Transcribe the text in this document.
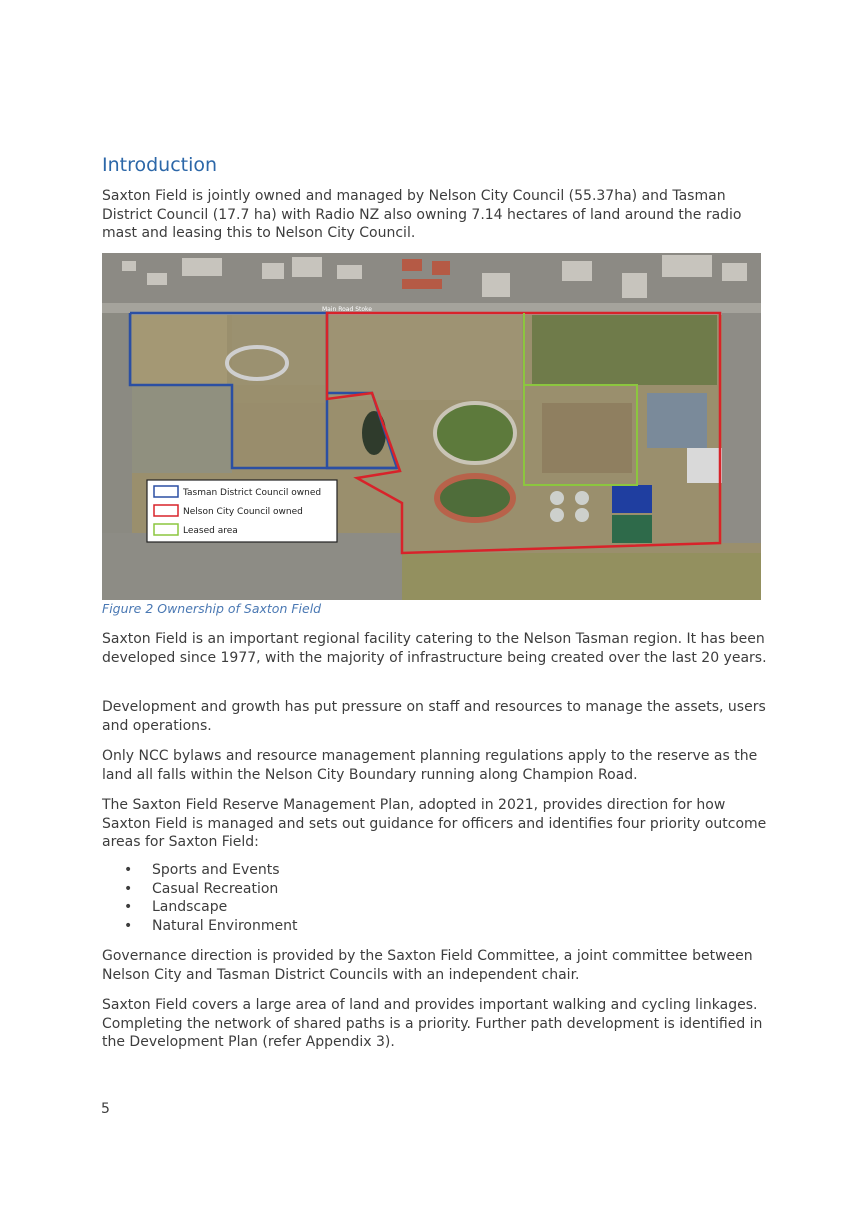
Introduction

Saxton Field is jointly owned and managed by Nelson City Council (55.37ha) and Tasman District Council (17.7 ha) with Radio NZ also owning 7.14 hectares of land around the radio mast and leasing this to Nelson City Council.

Main Road Stoke
Tasman District Council owned
Nelson City Council owned
Leased area

Figure 2 Ownership of Saxton Field

Saxton Field is an important regional facility catering to the Nelson Tasman region. It has been developed since 1977, with the majority of infrastructure being created over the last 20 years.

Development and growth has put pressure on staff and resources to manage the assets, users and operations.

Only NCC bylaws and resource management planning regulations apply to the reserve as the land all falls within the Nelson City Boundary running along Champion Road.

The Saxton Field Reserve Management Plan, adopted in 2021, provides direction for how Saxton Field is managed and sets out guidance for officers and identifies four priority outcome areas for Saxton Field:

• Sports and Events
• Casual Recreation
• Landscape
• Natural Environment

Governance direction is provided by the Saxton Field Committee, a joint committee between Nelson City and Tasman District Councils with an independent chair.

Saxton Field covers a large area of land and provides important walking and cycling linkages. Completing the network of shared paths is a priority. Further path development is identified in the Development Plan (refer Appendix 3).

5
